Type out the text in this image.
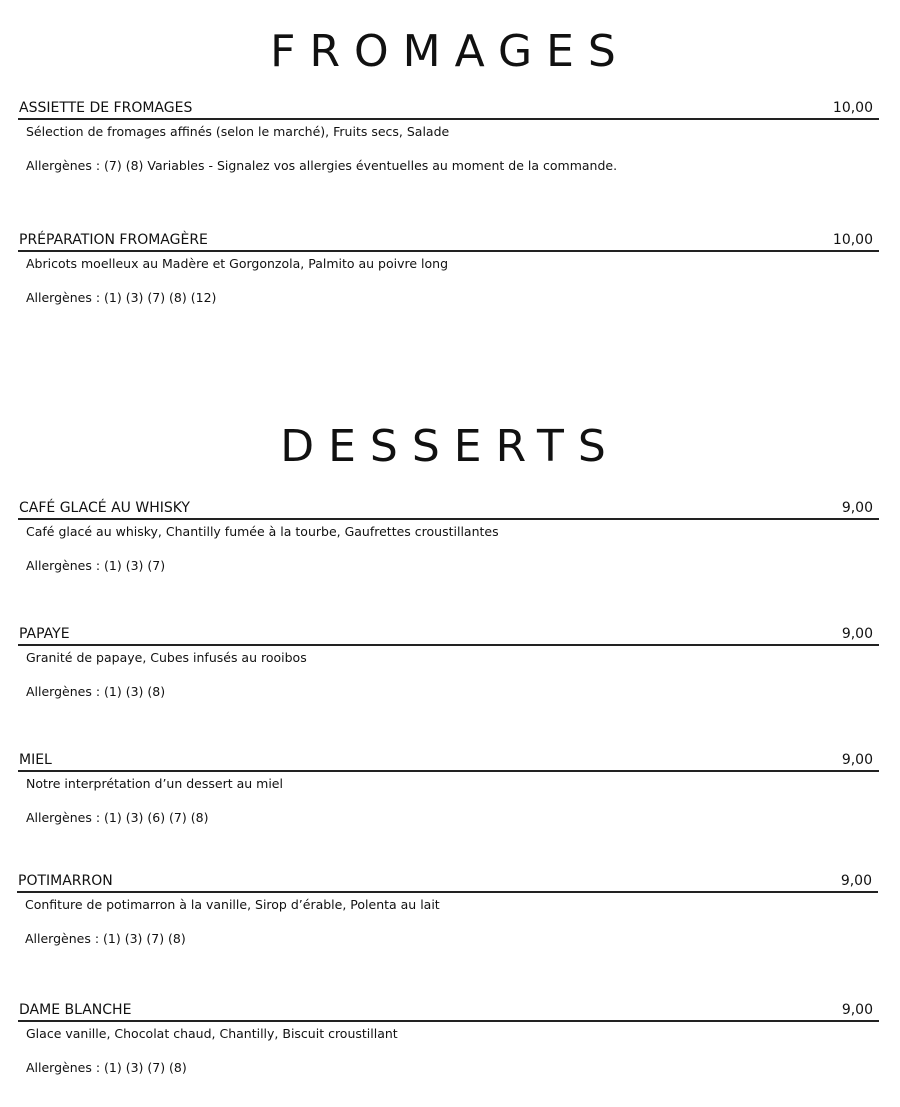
FROMAGES
ASSIETTE DE FROMAGES	10,00
Sélection de fromages affinés (selon le marché), Fruits secs, Salade
Allergènes : (7) (8) Variables - Signalez vos allergies éventuelles au moment de la commande.
PRÉPARATION FROMAGÈRE	10,00
Abricots moelleux au Madère et Gorgonzola, Palmito au poivre long
Allergènes : (1) (3) (7) (8) (12)
DESSERTS
CAFÉ GLACÉ AU WHISKY	9,00
Café glacé au whisky, Chantilly fumée à la tourbe, Gaufrettes croustillantes
Allergènes : (1) (3) (7)
PAPAYE	9,00
Granité de papaye, Cubes infusés au rooibos
Allergènes : (1) (3) (8)
MIEL	9,00
Notre interprétation d’un dessert au miel
Allergènes : (1) (3) (6) (7) (8)
POTIMARRON	9,00
Confiture de potimarron à la vanille, Sirop d’érable, Polenta au lait
Allergènes : (1) (3) (7) (8)
DAME BLANCHE	9,00
Glace vanille, Chocolat chaud, Chantilly, Biscuit croustillant
Allergènes : (1) (3) (7) (8)
